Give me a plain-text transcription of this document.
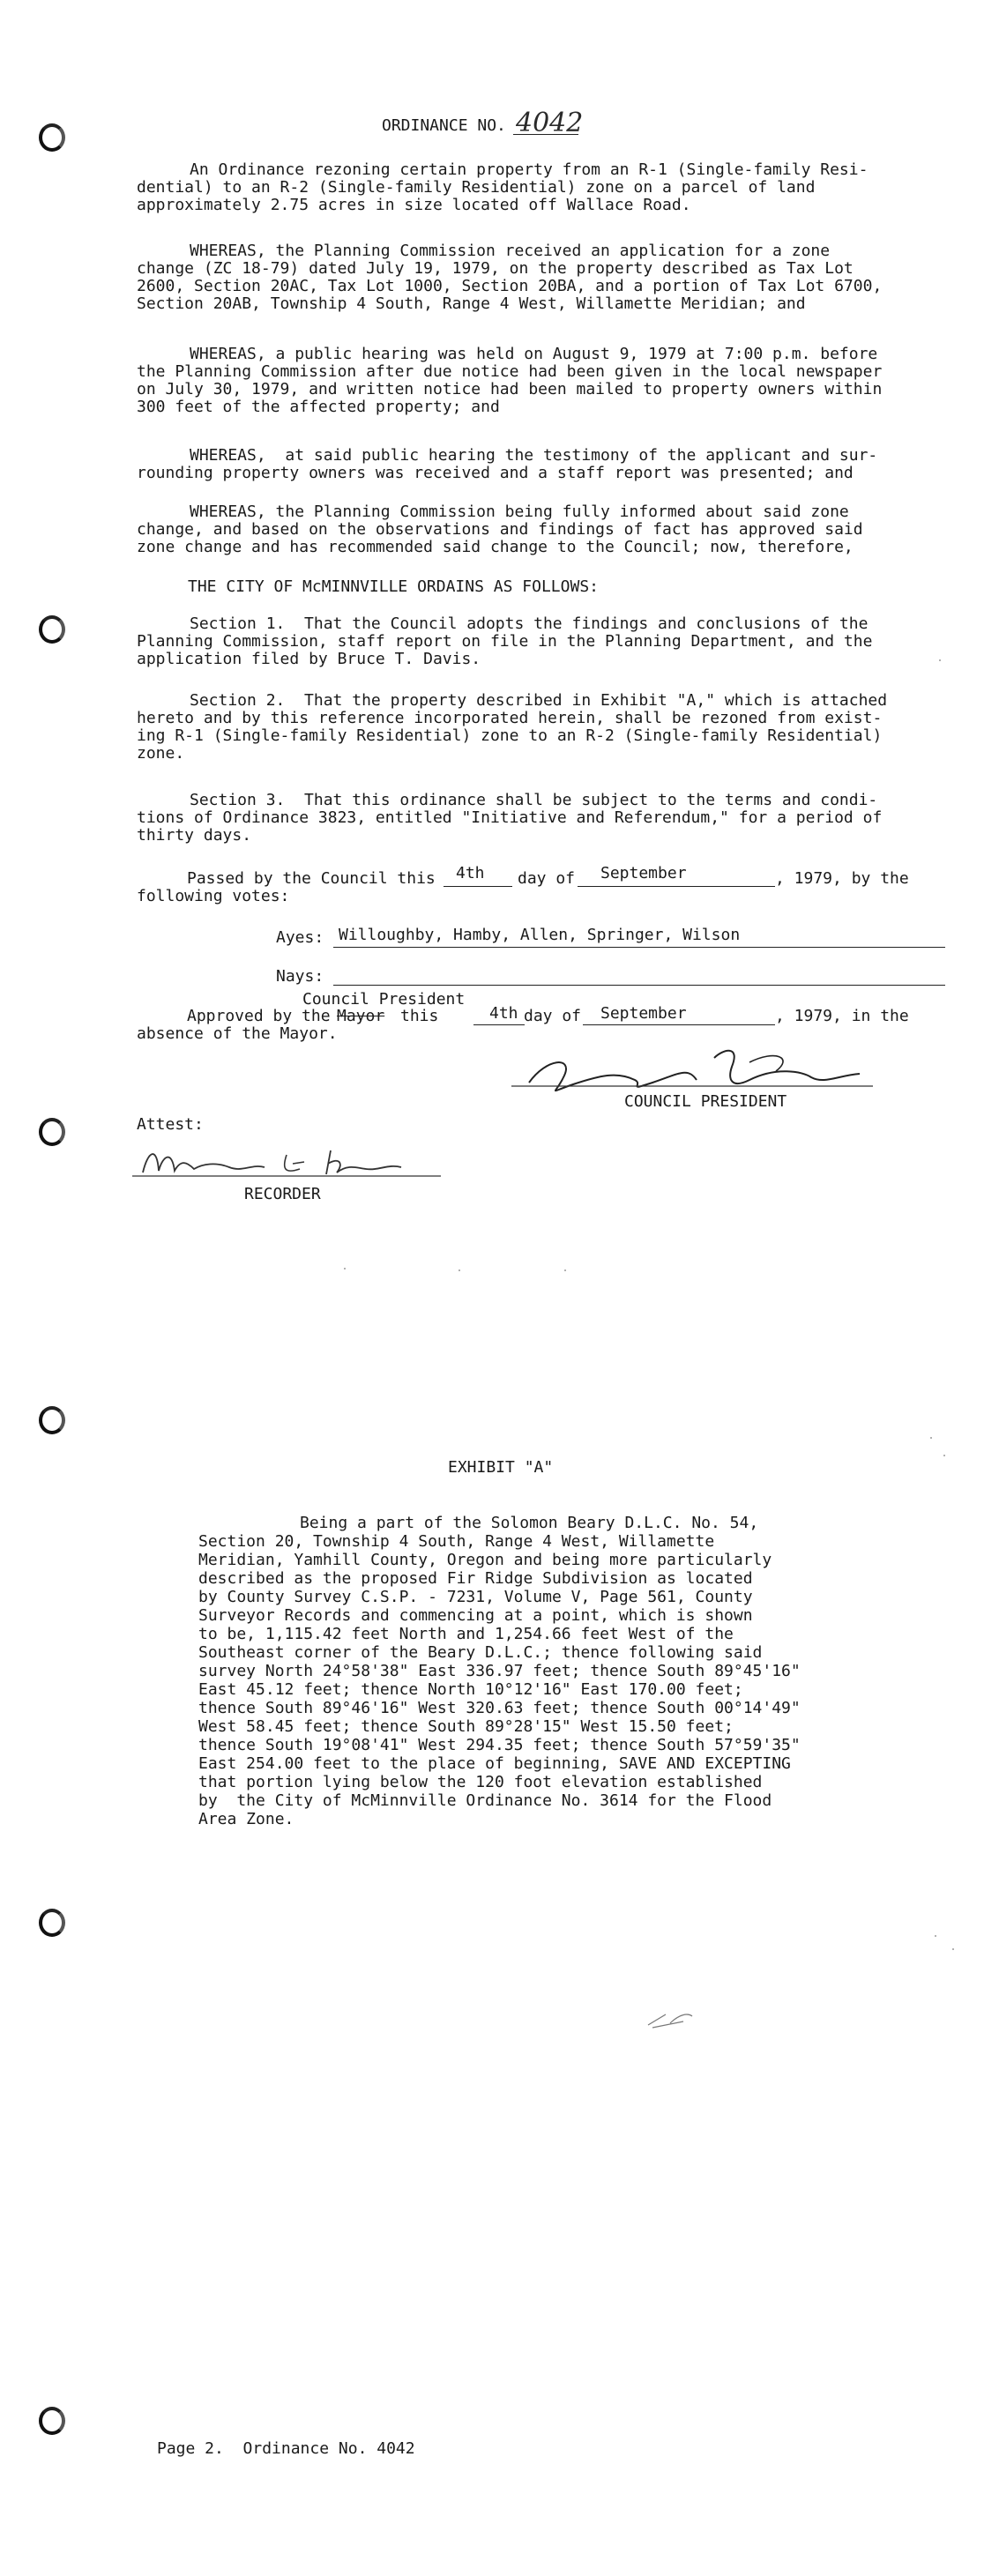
ORDINANCE NO. 4042
An Ordinance rezoning certain property from an R-1 (Single-family Resi-
dential) to an R-2 (Single-family Residential) zone on a parcel of land
approximately 2.75 acres in size located off Wallace Road.
WHEREAS, the Planning Commission received an application for a zone
change (ZC 18-79) dated July 19, 1979, on the property described as Tax Lot
2600, Section 20AC, Tax Lot 1000, Section 20BA, and a portion of Tax Lot 6700,
Section 20AB, Township 4 South, Range 4 West, Willamette Meridian; and
WHEREAS, a public hearing was held on August 9, 1979 at 7:00 p.m. before
the Planning Commission after due notice had been given in the local newspaper
on July 30, 1979, and written notice had been mailed to property owners within
300 feet of the affected property; and
WHEREAS,  at said public hearing the testimony of the applicant and sur-
rounding property owners was received and a staff report was presented; and
WHEREAS, the Planning Commission being fully informed about said zone
change, and based on the observations and findings of fact has approved said
zone change and has recommended said change to the Council; now, therefore,
THE CITY OF McMINNVILLE ORDAINS AS FOLLOWS:
Section 1.  That the Council adopts the findings and conclusions of the
Planning Commission, staff report on file in the Planning Department, and the
application filed by Bruce T. Davis.
Section 2.  That the property described in Exhibit "A," which is attached
hereto and by this reference incorporated herein, shall be rezoned from exist-
ing R-1 (Single-family Residential) zone to an R-2 (Single-family Residential)
zone.
Section 3.  That this ordinance shall be subject to the terms and condi-
tions of Ordinance 3823, entitled "Initiative and Referendum," for a period of
thirty days.
Passed by the Council this 4th day of September	, 1979, by the
following votes:
Ayes: Willoughby, Hamby, Allen, Springer, Wilson
Nays:
Council President
Approved by the Mayor this	4th day of September	, 1979, in the
absence of the Mayor.
COUNCIL PRESIDENT
Attest:
RECORDER
EXHIBIT "A"
Being a part of the Solomon Beary D.L.C. No. 54,
Section 20, Township 4 South, Range 4 West, Willamette
Meridian, Yamhill County, Oregon and being more particularly
described as the proposed Fir Ridge Subdivision as located
by County Survey C.S.P. - 7231, Volume V, Page 561, County
Surveyor Records and commencing at a point, which is shown
to be, 1,115.42 feet North and 1,254.66 feet West of the
Southeast corner of the Beary D.L.C.; thence following said
survey North 24°58'38" East 336.97 feet; thence South 89°45'16"
East 45.12 feet; thence North 10°12'16" East 170.00 feet;
thence South 89°46'16" West 320.63 feet; thence South 00°14'49"
West 58.45 feet; thence South 89°28'15" West 15.50 feet;
thence South 19°08'41" West 294.35 feet; thence South 57°59'35"
East 254.00 feet to the place of beginning, SAVE AND EXCEPTING
that portion lying below the 120 foot elevation established
by  the City of McMinnville Ordinance No. 3614 for the Flood
Area Zone.
Page 2.  Ordinance No. 4042
